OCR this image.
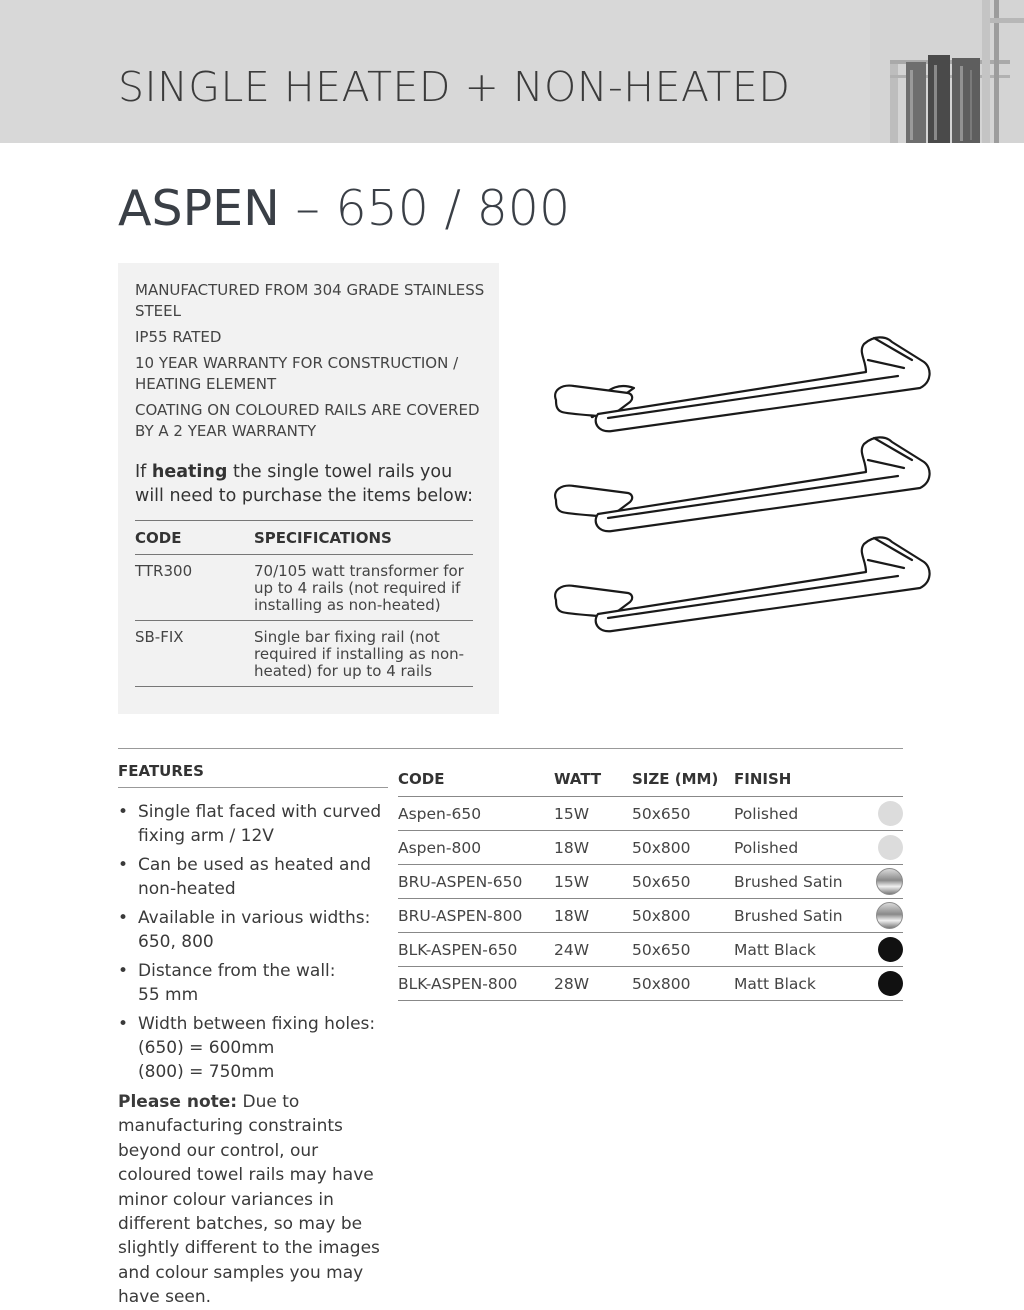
SINGLE HEATED + NON-HEATED
ASPEN – 650 / 800
MANUFACTURED FROM 304 GRADE STAINLESS STEEL
IP55 RATED
10 YEAR WARRANTY FOR CONSTRUCTION / HEATING ELEMENT
COATING ON COLOURED RAILS ARE COVERED BY A 2 YEAR WARRANTY
If heating the single towel rails you will need to purchase the items below:
CODE	SPECIFICATIONS
TTR300	70/105 watt transformer for up to 4 rails (not required if installing as non-heated)
SB-FIX	Single bar fixing rail (not required if installing as non-heated) for up to 4 rails
FEATURES
• Single flat faced with curved
fixing arm / 12V
• Can be used as heated and
non-heated
• Available in various widths:
650, 800
• Distance from the wall:
55 mm
• Width between fixing holes:
(650) = 600mm
(800) = 750mm
Please note: Due to manufacturing constraints beyond our control, our coloured towel rails may have minor colour variances in different batches, so may be slightly different to the images and colour samples you may have seen.
CODE	WATT	SIZE (MM)	FINISH	
Aspen-650	15W	50x650	Polished	

Aspen-800	18W	50x800	Polished	

BRU-ASPEN-650	15W	50x650	Brushed Satin	

BRU-ASPEN-800	18W	50x800	Brushed Satin	

BLK-ASPEN-650	24W	50x650	Matt Black	

BLK-ASPEN-800	28W	50x800	Matt Black	
